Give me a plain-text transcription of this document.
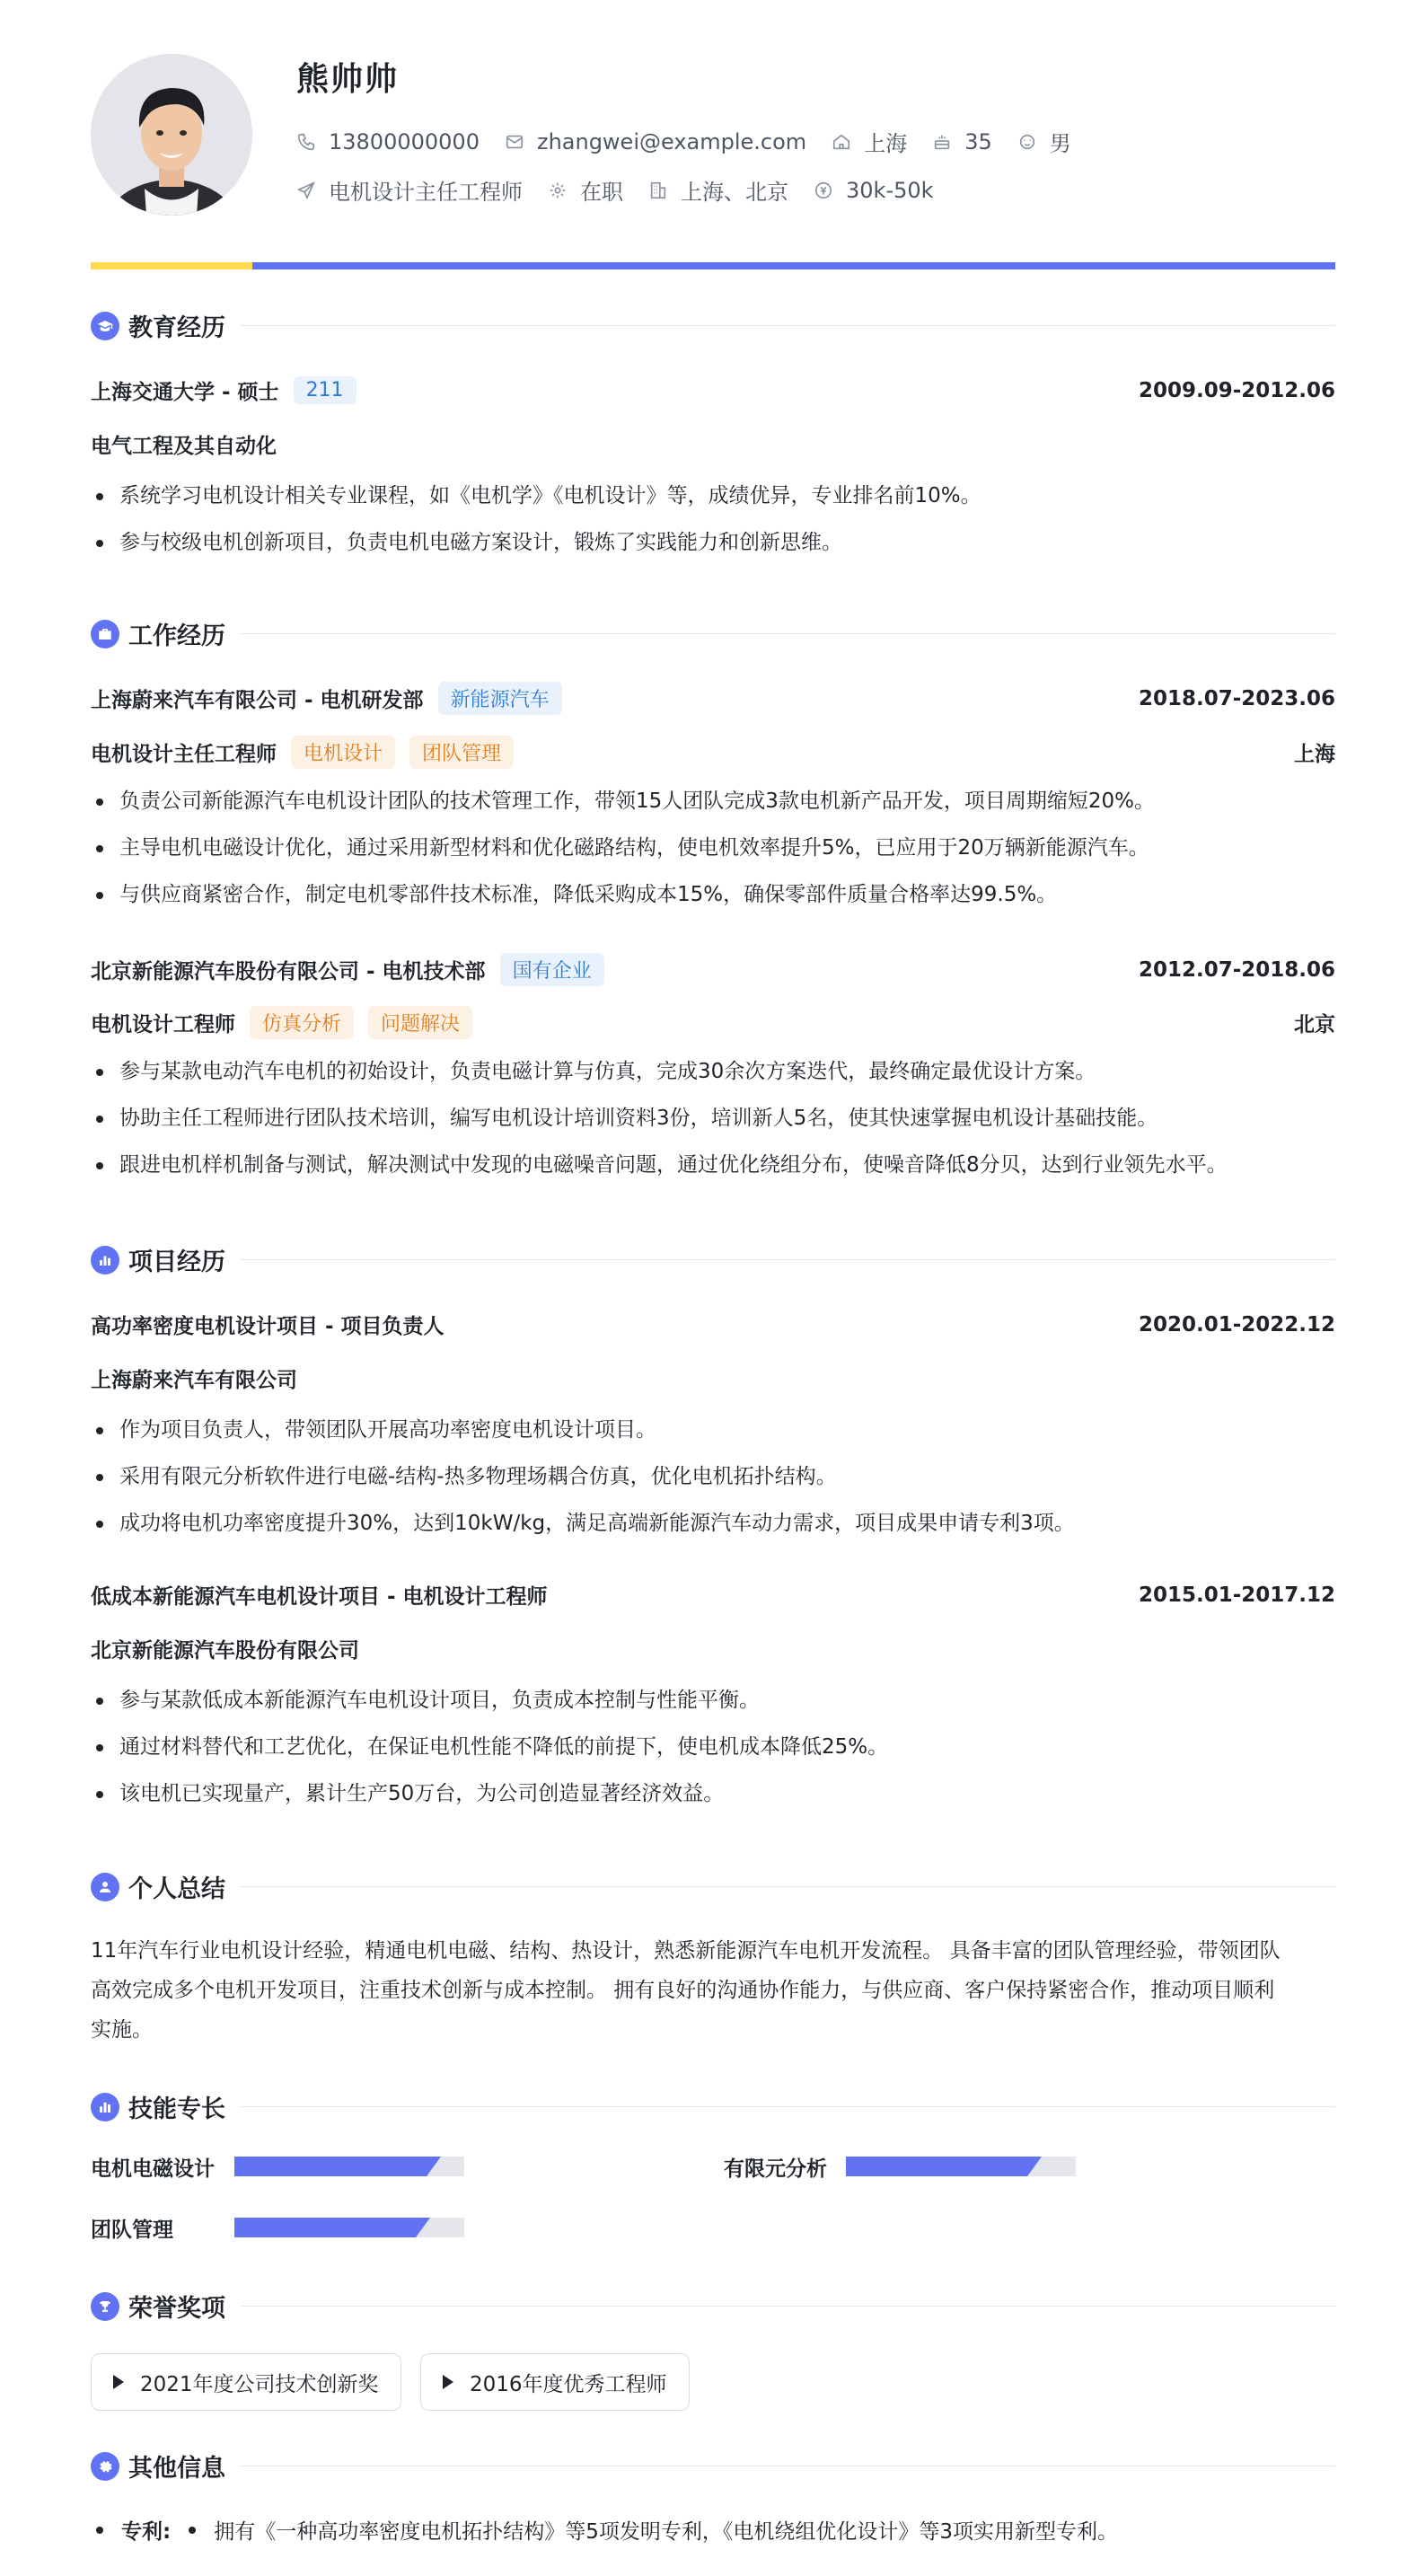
熊帅帅
13800000000	zhangwei@example.com	上海	35	男
电机设计主任工程师	在职	上海、北京	30k-50k
教育经历
上海交通大学 - 硕士	211	2009.09-2012.06
电气工程及其自动化
系统学习电机设计相关专业课程，如《电机学》《电机设计》等，成绩优异，专业排名前10%。
参与校级电机创新项目，负责电机电磁方案设计，锻炼了实践能力和创新思维。
工作经历
上海蔚来汽车有限公司 - 电机研发部	新能源汽车	2018.07-2023.06
电机设计主任工程师	电机设计	团队管理	上海
负责公司新能源汽车电机设计团队的技术管理工作，带领15人团队完成3款电机新产品开发，项目周期缩短20%。
主导电机电磁设计优化，通过采用新型材料和优化磁路结构，使电机效率提升5%，已应用于20万辆新能源汽车。
与供应商紧密合作，制定电机零部件技术标准，降低采购成本15%，确保零部件质量合格率达99.5%。
北京新能源汽车股份有限公司 - 电机技术部	国有企业	2012.07-2018.06
电机设计工程师	仿真分析	问题解决	北京
参与某款电动汽车电机的初始设计，负责电磁计算与仿真，完成30余次方案迭代，最终确定最优设计方案。
协助主任工程师进行团队技术培训，编写电机设计培训资料3份，培训新人5名，使其快速掌握电机设计基础技能。
跟进电机样机制备与测试，解决测试中发现的电磁噪音问题，通过优化绕组分布，使噪音降低8分贝，达到行业领先水平。
项目经历
高功率密度电机设计项目 - 项目负责人	2020.01-2022.12
上海蔚来汽车有限公司
作为项目负责人，带领团队开展高功率密度电机设计项目。
采用有限元分析软件进行电磁-结构-热多物理场耦合仿真，优化电机拓扑结构。
成功将电机功率密度提升30%，达到10kW/kg，满足高端新能源汽车动力需求，项目成果申请专利3项。
低成本新能源汽车电机设计项目 - 电机设计工程师	2015.01-2017.12
北京新能源汽车股份有限公司
参与某款低成本新能源汽车电机设计项目，负责成本控制与性能平衡。
通过材料替代和工艺优化，在保证电机性能不降低的前提下，使电机成本降低25%。
该电机已实现量产，累计生产50万台，为公司创造显著经济效益。
个人总结
11年汽车行业电机设计经验，精通电机电磁、结构、热设计，熟悉新能源汽车电机开发流程。 具备丰富的团队管理经验，带领团队
高效完成多个电机开发项目，注重技术创新与成本控制。 拥有良好的沟通协作能力，与供应商、客户保持紧密合作，推动项目顺利
实施。
技能专长
电机电磁设计	有限元分析
团队管理
荣誉奖项
2021年度公司技术创新奖	2016年度优秀工程师
其他信息
专利: 拥有《一种高功率密度电机拓扑结构》等5项发明专利，《电机绕组优化设计》等3项实用新型专利。
